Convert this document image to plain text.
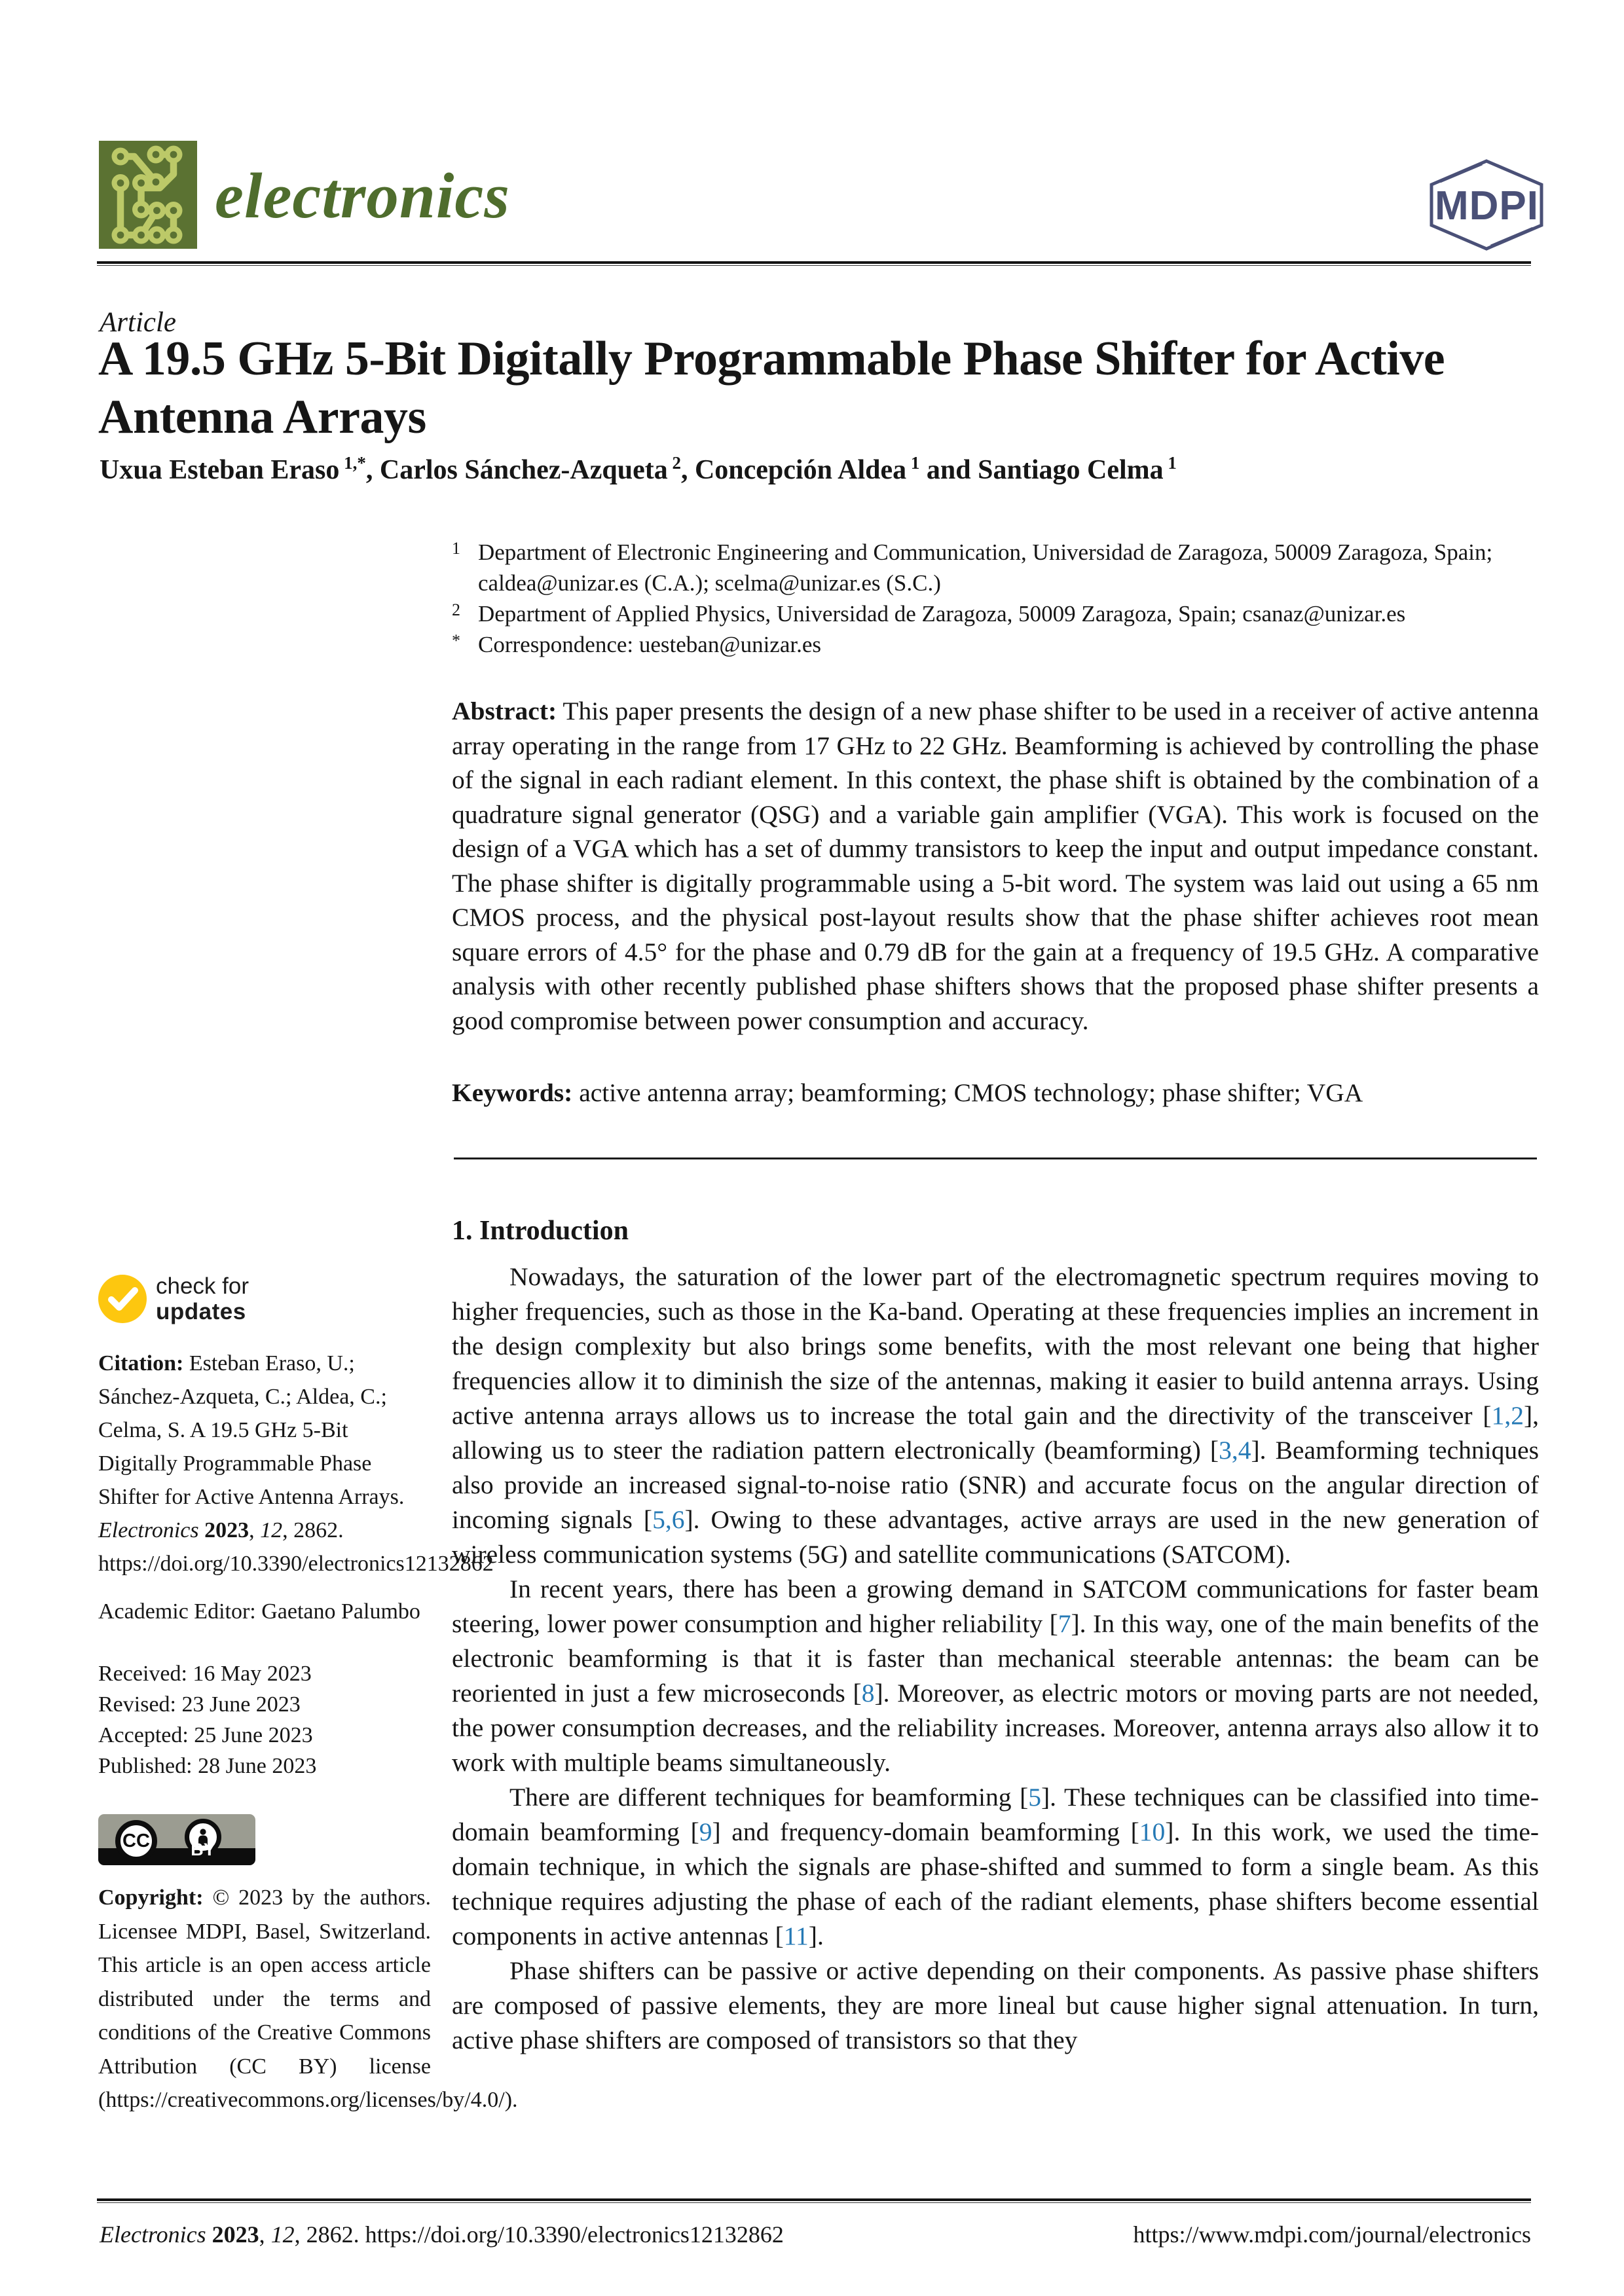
electronics	MDPI
Article
A 19.5 GHz 5-Bit Digitally Programmable Phase Shifter for Active Antenna Arrays
Uxua Esteban Eraso $^{1,*}$, Carlos Sánchez-Azqueta $^2$, Concepción Aldea $^1$ and Santiago Celma $^1$
1 Department of Electronic Engineering and Communication, Universidad de Zaragoza, 50009 Zaragoza, Spain; caldea@unizar.es (C.A.); scelma@unizar.es (S.C.)
2 Department of Applied Physics, Universidad de Zaragoza, 50009 Zaragoza, Spain; csanaz@unizar.es
* Correspondence: uesteban@unizar.es
Abstract: This paper presents the design of a new phase shifter to be used in a receiver of active antenna array operating in the range from 17 GHz to 22 GHz. Beamforming is achieved by controlling the phase of the signal in each radiant element. In this context, the phase shift is obtained by the combination of a quadrature signal generator (QSG) and a variable gain amplifier (VGA). This work is focused on the design of a VGA which has a set of dummy transistors to keep the input and output impedance constant. The phase shifter is digitally programmable using a 5-bit word. The system was laid out using a 65 nm CMOS process, and the physical post-layout results show that the phase shifter achieves root mean square errors of 4.5° for the phase and 0.79 dB for the gain at a frequency of 19.5 GHz. A comparative analysis with other recently published phase shifters shows that the proposed phase shifter presents a good compromise between power consumption and accuracy.
Keywords: active antenna array; beamforming; CMOS technology; phase shifter; VGA
check for
updates
Citation: Esteban Eraso, U.; Sánchez-Azqueta, C.; Aldea, C.; Celma, S. A 19.5 GHz 5-Bit Digitally Programmable Phase Shifter for Active Antenna Arrays. Electronics 2023, 12, 2862. https://doi.org/10.3390/electronics12132862
Academic Editor: Gaetano Palumbo
Received: 16 May 2023
Revised: 23 June 2023
Accepted: 25 June 2023
Published: 28 June 2023
CC	BY
Copyright: © 2023 by the authors. Licensee MDPI, Basel, Switzerland. This article is an open access article distributed under the terms and conditions of the Creative Commons Attribution (CC BY) license (https://creativecommons.org/licenses/by/4.0/).
1. Introduction

Nowadays, the saturation of the lower part of the electromagnetic spectrum requires moving to higher frequencies, such as those in the Ka-band. Operating at these frequencies implies an increment in the design complexity but also brings some benefits, with the most relevant one being that higher frequencies allow it to diminish the size of the antennas, making it easier to build antenna arrays. Using active antenna arrays allows us to increase the total gain and the directivity of the transceiver [1,2], allowing us to steer the radiation pattern electronically (beamforming) [3,4]. Beamforming techniques also provide an increased signal-to-noise ratio (SNR) and accurate focus on the angular direction of incoming signals [5,6]. Owing to these advantages, active arrays are used in the new generation of wireless communication systems (5G) and satellite communications (SATCOM).

In recent years, there has been a growing demand in SATCOM communications for faster beam steering, lower power consumption and higher reliability [7]. In this way, one of the main benefits of the electronic beamforming is that it is faster than mechanical steerable antennas: the beam can be reoriented in just a few microseconds [8]. Moreover, as electric motors or moving parts are not needed, the power consumption decreases, and the reliability increases. Moreover, antenna arrays also allow it to work with multiple beams simultaneously.

There are different techniques for beamforming [5]. These techniques can be classified into time-domain beamforming [9] and frequency-domain beamforming [10]. In this work, we used the time-domain technique, in which the signals are phase-shifted and summed to form a single beam. As this technique requires adjusting the phase of each of the radiant elements, phase shifters become essential components in active antennas [11].

Phase shifters can be passive or active depending on their components. As passive phase shifters are composed of passive elements, they are more lineal but cause higher signal attenuation. In turn, active phase shifters are composed of transistors so that they

Electronics 2023, 12, 2862. https://doi.org/10.3390/electronics12132862	https://www.mdpi.com/journal/electronics
